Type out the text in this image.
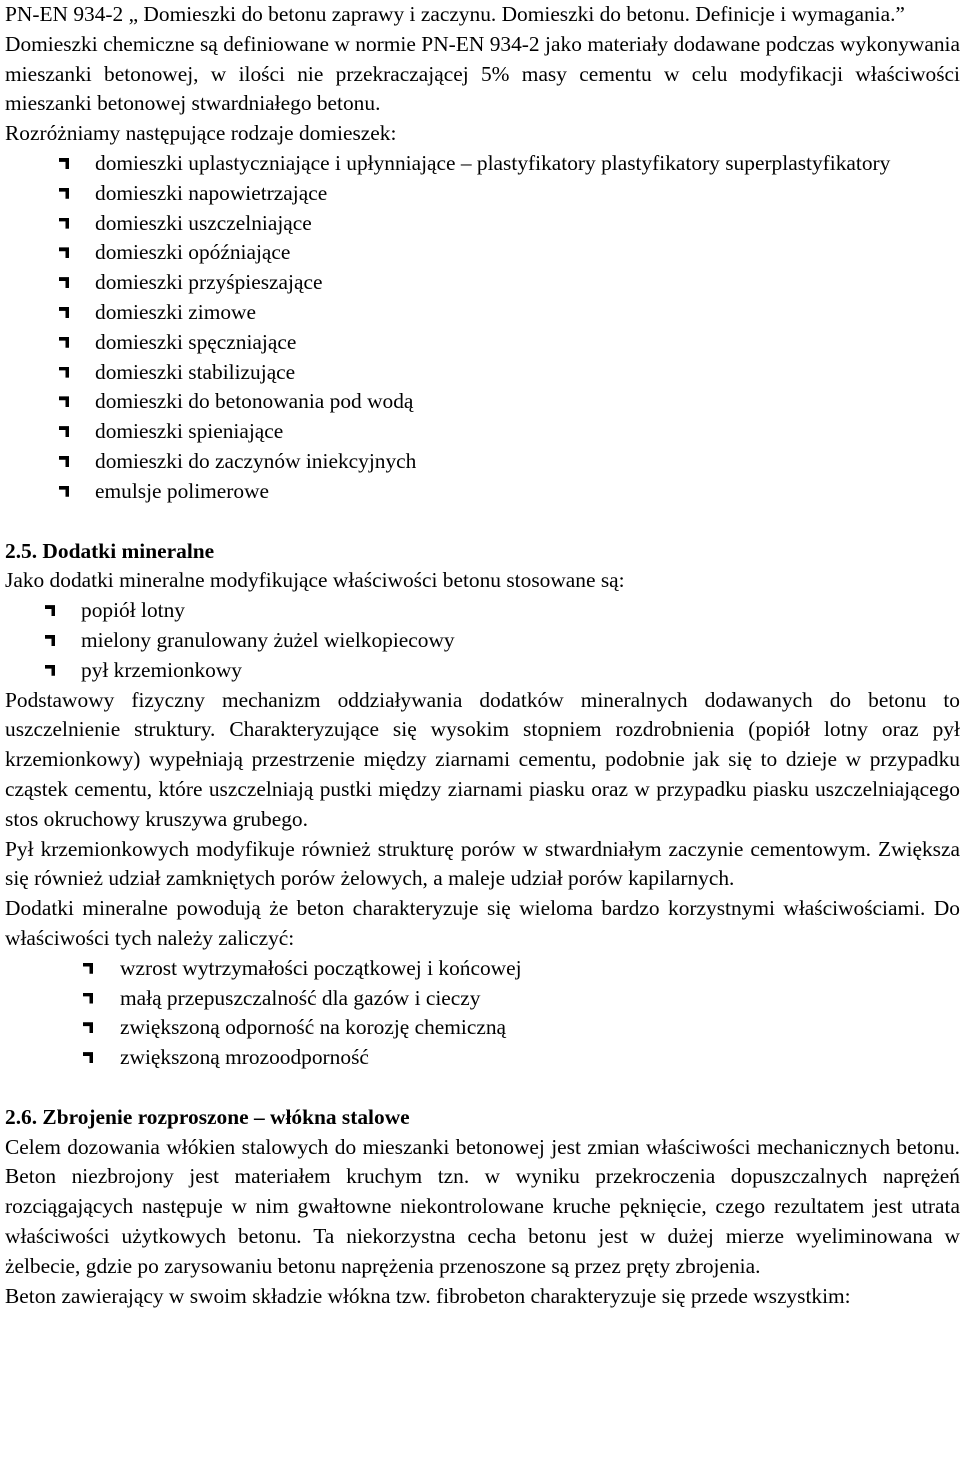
PN-EN 934-2 „ Domieszki do betonu zaprawy i zaczynu. Domieszki do betonu. Definicje i wymagania.”

Domieszki chemiczne są definiowane w normie PN-EN 934-2 jako materiały dodawane podczas wykonywania mieszanki betonowej, w ilości nie przekraczającej 5% masy cementu w celu modyfikacji właściwości mieszanki betonowej stwardniałego betonu.

Rozróżniamy następujące rodzaje domieszek:

domieszki uplastyczniające i upłynniające – plastyfikatory plastyfikatory superplastyfikatory
domieszki napowietrzające
domieszki uszczelniające
domieszki opóźniające
domieszki przyśpieszające
domieszki zimowe
domieszki spęczniające
domieszki stabilizujące
domieszki do betonowania pod wodą
domieszki spieniające
domieszki do zaczynów iniekcyjnych
emulsje polimerowe

2.5. Dodatki mineralne

Jako dodatki mineralne modyfikujące właściwości betonu stosowane są:

popiół lotny
mielony granulowany żużel wielkopiecowy
pył krzemionkowy

Podstawowy fizyczny mechanizm oddziaływania dodatków mineralnych dodawanych do betonu to uszczelnienie struktury. Charakteryzujące się wysokim stopniem rozdrobnienia (popiół lotny oraz pył krzemionkowy) wypełniają przestrzenie między ziarnami cementu, podobnie jak się to dzieje w przypadku cząstek cementu, które uszczelniają pustki między ziarnami piasku oraz w przypadku piasku uszczelniającego stos okruchowy kruszywa grubego.

Pył krzemionkowych modyfikuje również strukturę porów w stwardniałym zaczynie cementowym. Zwiększa się również udział zamkniętych porów żelowych, a maleje udział porów kapilarnych.

Dodatki mineralne powodują że beton charakteryzuje się wieloma bardzo korzystnymi właściwościami. Do właściwości tych należy zaliczyć:

wzrost wytrzymałości początkowej i końcowej
małą przepuszczalność dla gazów i cieczy
zwiększoną odporność na korozję chemiczną
zwiększoną mrozoodporność

2.6. Zbrojenie rozproszone – włókna stalowe

Celem dozowania włókien stalowych do mieszanki betonowej jest zmian właściwości mechanicznych betonu. Beton niezbrojony jest materiałem kruchym tzn. w wyniku przekroczenia dopuszczalnych naprężeń rozciągających następuje w nim gwałtowne niekontrolowane kruche pęknięcie, czego rezultatem jest utrata właściwości użytkowych betonu. Ta niekorzystna cecha betonu jest w dużej mierze wyeliminowana w żelbecie, gdzie po zarysowaniu betonu naprężenia przenoszone są przez pręty zbrojenia.

Beton zawierający w swoim składzie włókna tzw. fibrobeton charakteryzuje się przede wszystkim:
